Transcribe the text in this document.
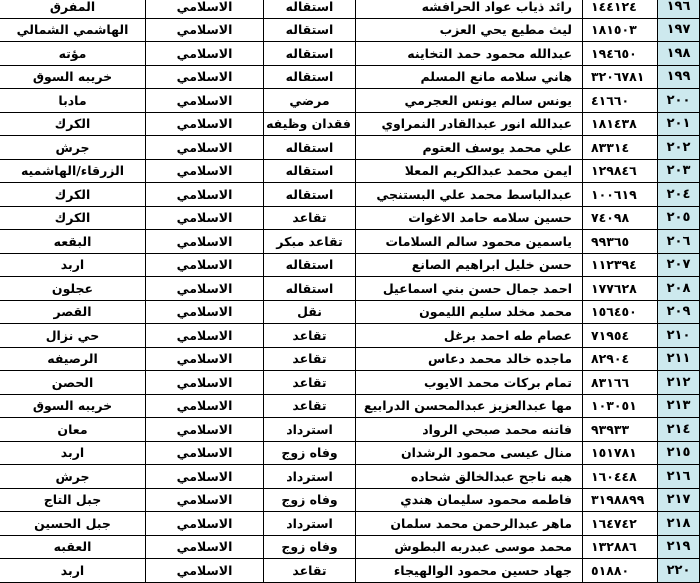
١٩٦	١٤٤١٢٤	رائد ذياب عواد الحرافشه	استقاله	الاسلامي	المفرق
١٩٧	١٨١٥٠٣	ليث مطيع يحي العزب	استقاله	الاسلامي	الهاشمي الشمالي
١٩٨	١٩٤٦٥٠	عبدالله محمود حمد التخاينه	استقاله	الاسلامي	مؤته
١٩٩	٣٢٠٦٧٨١	هاني سلامه مانع المسلم	استقاله	الاسلامي	خريبه السوق
٢٠٠	٤١٦٦٠	يونس سالم يونس العجرمي	مرضي	الاسلامي	مادبا
٢٠١	١٨١٤٣٨	عبدالله انور عبدالقادر النمراوي	فقدان وظيفه	الاسلامي	الكرك
٢٠٢	٨٣٣١٤	علي محمد يوسف العتوم	استقاله	الاسلامي	جرش
٢٠٣	١٢٩٨٤٦	ايمن محمد عبدالكريم المعلا	استقاله	الاسلامي	الزرقاء/الهاشميه
٢٠٤	١٠٠٦١٩	عبدالباسط محمد علي البستنجي	استقاله	الاسلامي	الكرك
٢٠٥	٧٤٠٩٨	حسين سلامه حامد الاغوات	تقاعد	الاسلامي	الكرك
٢٠٦	٩٩٣٦٥	ياسمين محمود سالم السلامات	تقاعد مبكر	الاسلامي	البقعه
٢٠٧	١١٢٣٩٤	حسن خليل ابراهيم الصانع	استقاله	الاسلامي	اربد
٢٠٨	١٧٧٦٢٨	احمد جمال حسن بني اسماعيل	استقاله	الاسلامي	عجلون
٢٠٩	١٥٦٤٥٠	محمد مخلد سليم الليمون	نقل	الاسلامي	القصر
٢١٠	٧١٩٥٤	عصام طه احمد برغل	تقاعد	الاسلامي	حي نزال
٢١١	٨٢٩٠٤	ماجده خالد محمد دعاس	تقاعد	الاسلامي	الرصيفه
٢١٢	٨٣١٦٦	تمام بركات محمد الايوب	تقاعد	الاسلامي	الحصن
٢١٣	١٠٣٠٥١	مها عبدالعزيز عبدالمحسن الدرابيع	تقاعد	الاسلامي	خريبه السوق
٢١٤	٩٣٩٣٣	فاتنه محمد صبحي الرواد	استرداد	الاسلامي	معان
٢١٥	١٥١٧٨١	منال عيسى محمود الرشدان	وفاه زوج	الاسلامي	اربد
٢١٦	١٦٠٤٤٨	هبه ناجح عبدالخالق شحاده	استرداد	الاسلامي	جرش
٢١٧	٣١٩٨٨٩٩	فاطمه محمود سليمان هندي	وفاه زوج	الاسلامي	جبل التاج
٢١٨	١٦٤٧٤٢	ماهر عبدالرحمن محمد سلمان	استرداد	الاسلامي	جبل الحسين
٢١٩	١٣٢٨٨٦	محمد موسى عبدربه البطوش	وفاه زوج	الاسلامي	العقبه
٢٢٠	٥١٨٨٠	جهاد حسين محمود الوالهيجاء	تقاعد	الاسلامي	اربد
